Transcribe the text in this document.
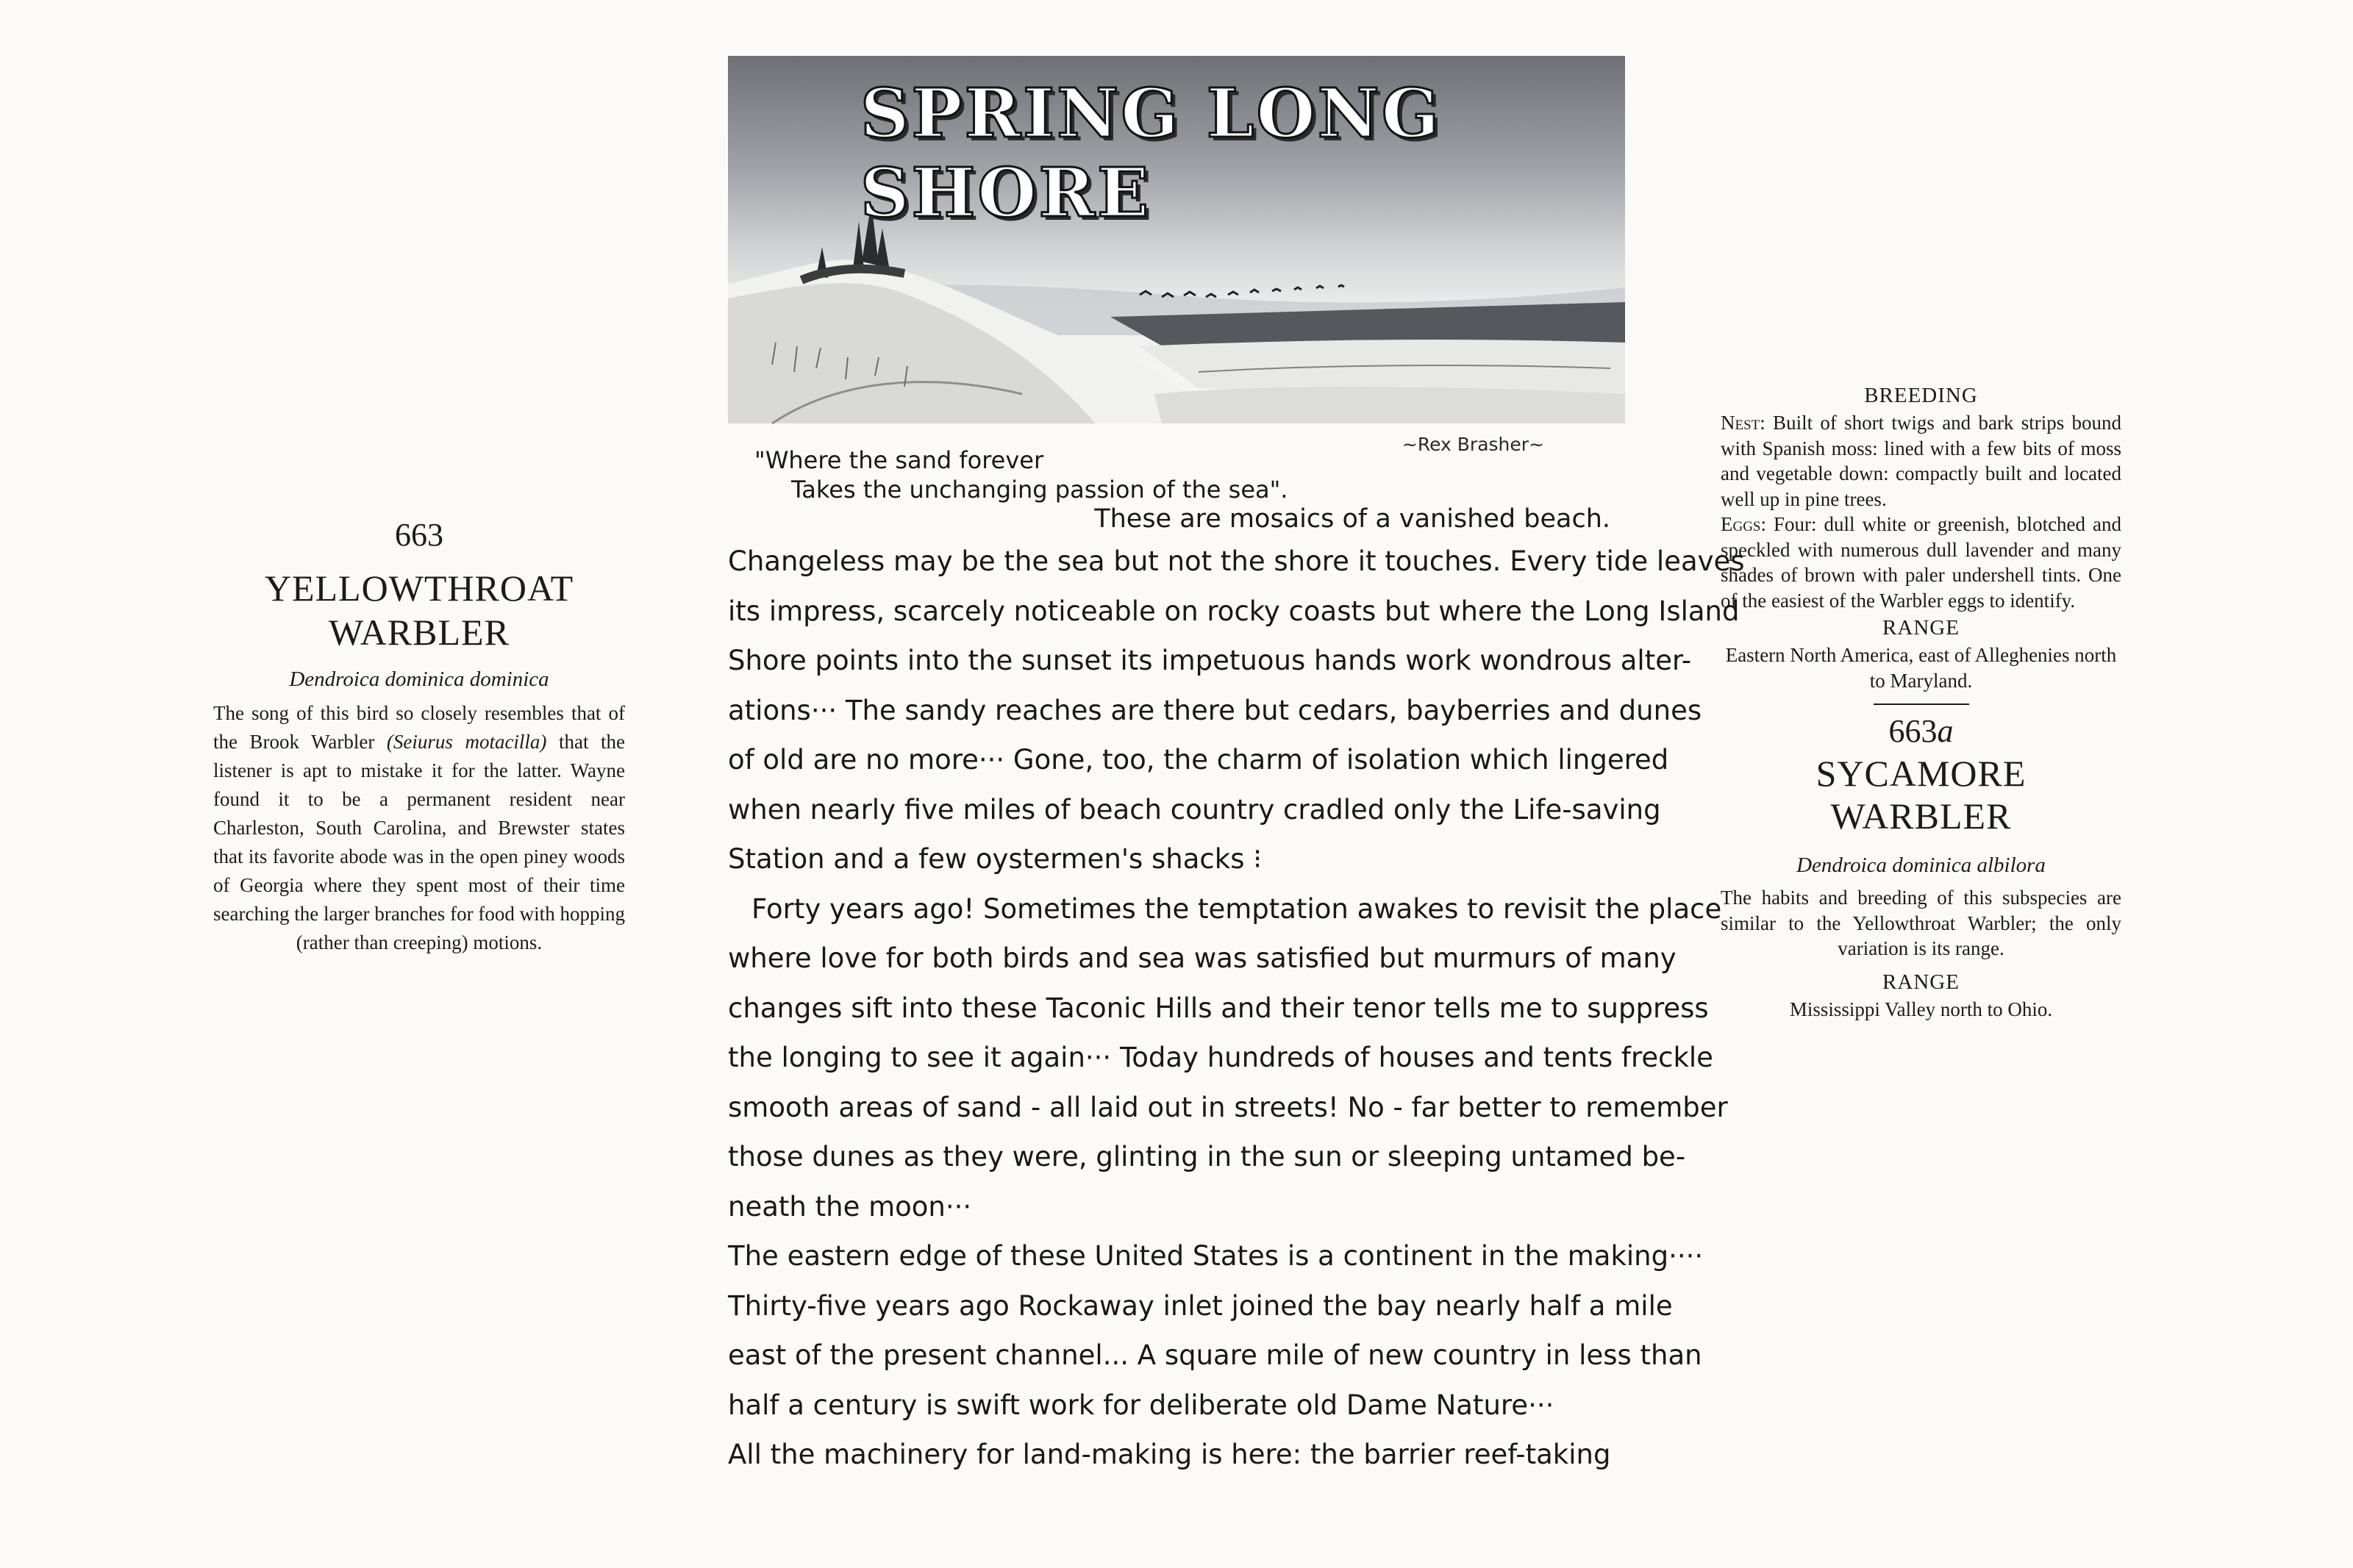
663
YELLOWTHROAT
WARBLER
Dendroica dominica dominica
The song of this bird so closely resembles that of the Brook Warbler (Seiurus motacilla) that the listener is apt to mistake it for the latter. Wayne found it to be a permanent resident near Charleston, South Carolina, and Brewster states that its favorite abode was in the open piney woods of Georgia where they spent most of their time searching the larger branches for food with hopping (rather than creeping) motions.
SPRING LONG SHORE
~Rex Brasher~
"Where the sand forever
Takes the unchanging passion of the sea".
These are mosaics of a vanished beach.
Changeless may be the sea but not the shore it touches. Every tide leaves
its impress, scarcely noticeable on rocky coasts but where the Long Island
Shore points into the sunset its impetuous hands work wondrous alter-
ations··· The sandy reaches are there but cedars, bayberries and dunes
of old are no more··· Gone, too, the charm of isolation which lingered
when nearly five miles of beach country cradled only the Life-saving
Station and a few oystermen's shacks ⁝
Forty years ago! Sometimes the temptation awakes to revisit the place
where love for both birds and sea was satisfied but murmurs of many
changes sift into these Taconic Hills and their tenor tells me to suppress
the longing to see it again··· Today hundreds of houses and tents freckle
smooth areas of sand - all laid out in streets! No - far better to remember
those dunes as they were, glinting in the sun or sleeping untamed be-
neath the moon···
The eastern edge of these United States is a continent in the making····
Thirty-five years ago Rockaway inlet joined the bay nearly half a mile
east of the present channel... A square mile of new country in less than
half a century is swift work for deliberate old Dame Nature···
All the machinery for land-making is here: the barrier reef-taking
BREEDING
Nest: Built of short twigs and bark strips bound with Spanish moss: lined with a few bits of moss and vegetable down: compactly built and located well up in pine trees.
Eggs: Four: dull white or greenish, blotched and speckled with numerous dull lavender and many shades of brown with paler undershell tints. One of the easiest of the Warbler eggs to identify.
RANGE
Eastern North America, east of Alleghenies north to Maryland.
663a
SYCAMORE
WARBLER
Dendroica dominica albilora
The habits and breeding of this subspecies are similar to the Yellowthroat Warbler; the only variation is its range.
RANGE
Mississippi Valley north to Ohio.
